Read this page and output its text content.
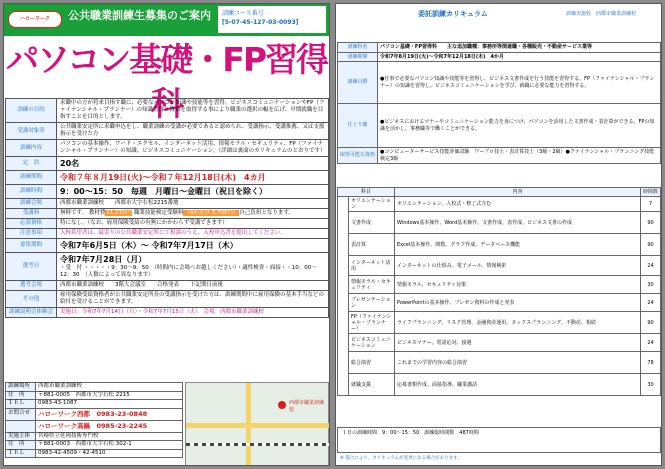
ハローワーク	公共職業訓練生募集のご案内 訓練コース番号
[5-07-45-127-03-0093]
パソコン基礎・FP習得科
訓練の目的	求職中の方が将来目指す職に、必要なパソコン知識や技能等を習得。ビジネスコミュニケーションやFP（ファイナンシャル・プランナー）の知識習得と資格を取得する事により職業の選択の幅を広げ、早期就職を目指すことを目的とします。
受講対象者	公共職業安定所に求職申込をし、職業訓練の受講が必要であると認められ、受講指示、受講推薦、又は支援指示を受けた方
訓練内容	パソコンの基本操作、ワード・エクセル、インターネット活用、情報モラル・セキュリティ、FP（ファイナンシャル・プランナー）の知識、ビジネスコミュニケーション。（詳細は裏面のカリキュラムのとおりです）
定　員	20名
訓練期間	令和７年８月19日(火)～令和７年12月18日(木)　4カ月
訓練時間	9：00～15：50　毎週　月曜日～金曜日（祝日を除く）
訓練会場	西都市職業訓練校　　西都市大字右松2215番地
受講料	無料です。 教材費11,110円 職業技能検定受験料（4か月分 3,700円）自己負担となります。
応募資格	特になし。（なお、雇用保険受給の有無にかかわらず受講できます）
注意事項	入校希望者は、最寄りの公共職業安定所にて相談のうえ、入校申込書を提出してください。
募集期間	令和7年6月5日（木）～ 令和7年7月17日（木）
選考日	令和7年7月28日（月）
・受　付 ・・・・・9：30～9：50　（時間内に会場へお越しください）・適性検査・面接・・10：00～12：30　（人数によって異なります）

選考会場	西都市職業訓練校　　3階大会議室　　合格発表　　下記期日前後
その他	雇用保険受給資格者が公共職業安定所長の受講指示を受けた方は、訓練期間中に雇用保険の基本手当などの給付を受けることができます。
訓練説明会体験会	実施日：令和7年7月14日（月）・令和7年7月15日（火）　会場：西都市職業訓練校
訓練場所	西都市職業訓練校
住　所	〒881-0005　西都市大字右松 2215
ＴＥＬ	0983-43-1087
お問合せ	ハローワーク西都　0983-23-0848
	ハローワーク高鍋　0985-23-2245
実施主体	宮崎県立延岡技術専門校
住　所	〒881-0003　西都市大字右松 302-1
ＴＥＬ	0983-42-4509・42-4510
西都市職業訓練校
委託訓練カリキュラム	訓練実施校　西都市職業訓練校
訓練科名	パソコン基礎・FP習得科　　主な追加職種：事務所等関連職・各種販売・不動産サービス業等
訓練期間	令和7年8月19日(火)～令和7年12月18日(木)　4か月
訓練目標	●仕事で必要なパソコン知識や技能等を習得し、ビジネス文書作成を行う技能を習得する。FP（ファイナンシャル・プランナー）の知識を習得し、ビジネスコミュニケーションを学び、就職に必要な能力を習得する。
仕上り像	●ビジネスにおけるマナーやコミュニケーション能力を身につけ、パソコンを活用した文書作成・表計算ができる。FPの知識を活かし、事務職等で働くことができる。
取得可能な資格	●コンピューターサービス技能評価試験　ワープロ技士・表計算技士（3級・2級）●ファイナンシャル・プランニング技能検定3級
科目		内容	時間数
	オリエンテーション	オリエンテーション、入校式・修了式含む	7
	文書作成	Windows基本操作、Word基本操作、文書作成、表作成、ビジネス文書の作成	90
	表計算	Excel基本操作、関数、グラフ作成、データベース機能	90
	インターネット活用	インターネットの仕組み、電子メール、情報検索	24
	情報モラル・セキュリティ	情報モラル、セキュリティ対策	30
	プレゼンテーション	PowerPointの基本操作、プレゼン資料の作成と発表	24
	FP（ファイナンシャル・プランナー）	ライフプランニング、リスク管理、金融資産運用、タックスプランニング、不動産、相続	90
	ビジネスコミュニケーション	ビジネスマナー、電話応対、接遇	24
	総合演習	これまでの学習内容の総合演習	78
	就職支援	応募書類作成、面接指導、職業講話	30
１日の訓練時間　9：00～15：50　訓練総時間数　487時間
※ 都合により、カリキュラムが変更になる場合があります。
